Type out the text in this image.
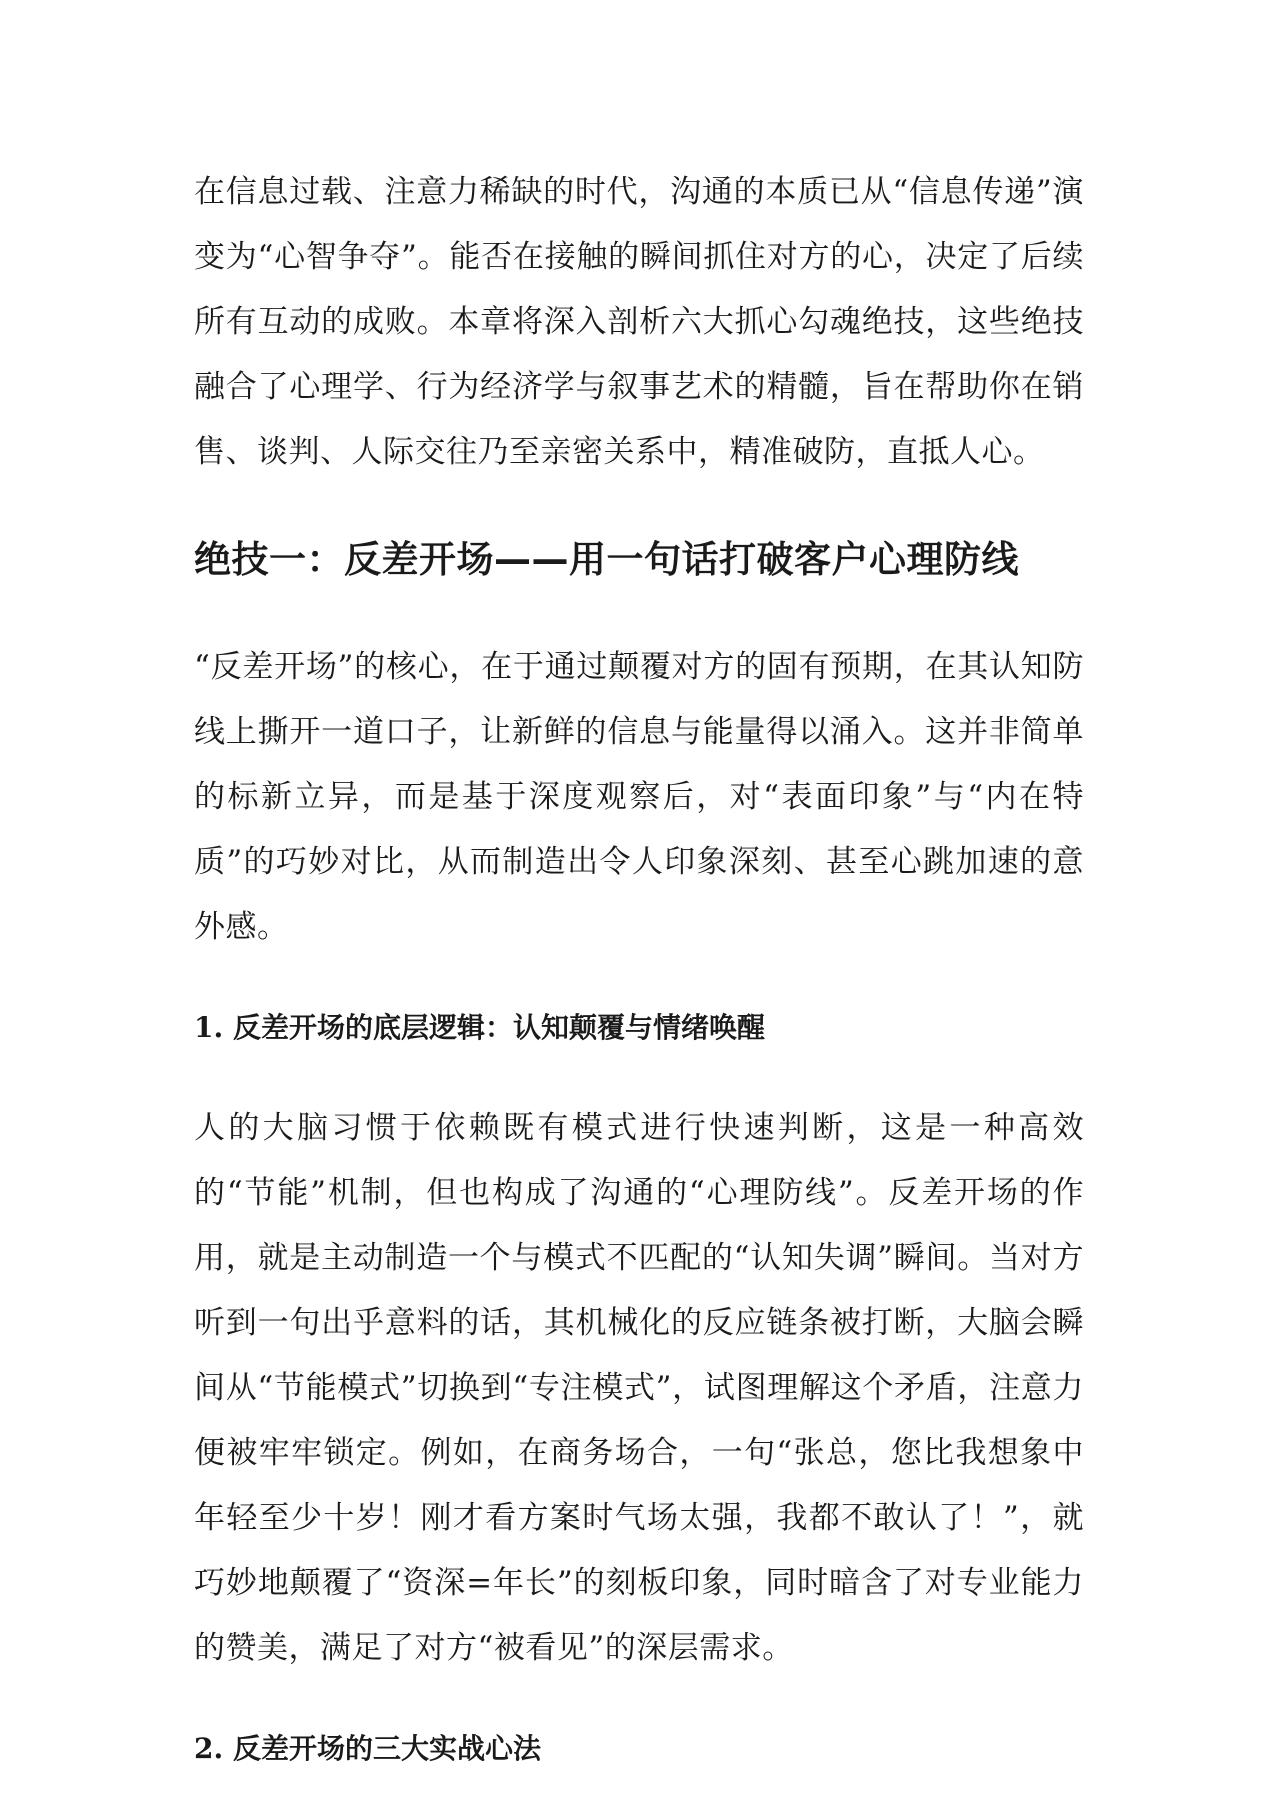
在信息过载、注意力稀缺的时代，沟通的本质已从“信息传递”演变为“心智争夺”。能否在接触的瞬间抓住对方的心，决定了后续所有互动的成败。本章将深入剖析六大抓心勾魂绝技，这些绝技融合了心理学、行为经济学与叙事艺术的精髓，旨在帮助你在销售、谈判、人际交往乃至亲密关系中，精准破防，直抵人心。

绝技一：反差开场——用一句话打破客户心理防线

“反差开场”的核心，在于通过颠覆对方的固有预期，在其认知防线上撕开一道口子，让新鲜的信息与能量得以涌入。这并非简单的标新立异，而是基于深度观察后，对“表面印象”与“内在特质”的巧妙对比，从而制造出令人印象深刻、甚至心跳加速的意外感。

1. 反差开场的底层逻辑：认知颠覆与情绪唤醒

人的大脑习惯于依赖既有模式进行快速判断，这是一种高效的“节能”机制，但也构成了沟通的“心理防线”。反差开场的作用，就是主动制造一个与模式不匹配的“认知失调”瞬间。当对方听到一句出乎意料的话，其机械化的反应链条被打断，大脑会瞬间从“节能模式”切换到“专注模式”，试图理解这个矛盾，注意力便被牢牢锁定。例如，在商务场合，一句“张总，您比我想象中年轻至少十岁！刚才看方案时气场太强，我都不敢认了！”，就巧妙地颠覆了“资深=年长”的刻板印象，同时暗含了对专业能力的赞美，满足了对方“被看见”的深层需求。

2. 反差开场的三大实战心法
